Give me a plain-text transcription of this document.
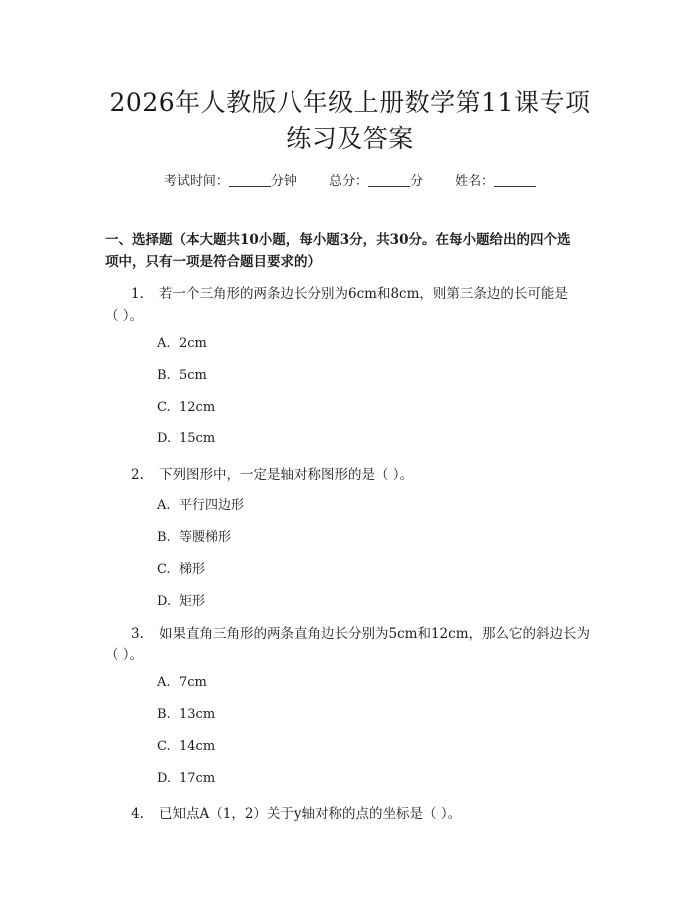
2026年人教版八年级上册数学第11课专项
练习及答案
考试时间：	分钟 总分：	分 姓名：
一、选择题（本大题共10小题，每小题3分，共30分。在每小题给出的四个选
项中，只有一项是符合题目要求的）
1. 若一个三角形的两条边长分别为6cm和8cm，则第三条边的长可能是
（ ）。
A. 2cm
B. 5cm
C. 12cm
D. 15cm
2. 下列图形中，一定是轴对称图形的是（ ）。
A. 平行四边形
B. 等腰梯形
C. 梯形
D. 矩形
3. 如果直角三角形的两条直角边长分别为5cm和12cm，那么它的斜边长为
（ ）。
A. 7cm
B. 13cm
C. 14cm
D. 17cm
4. 已知点A（1，2）关于y轴对称的点的坐标是（ ）。
